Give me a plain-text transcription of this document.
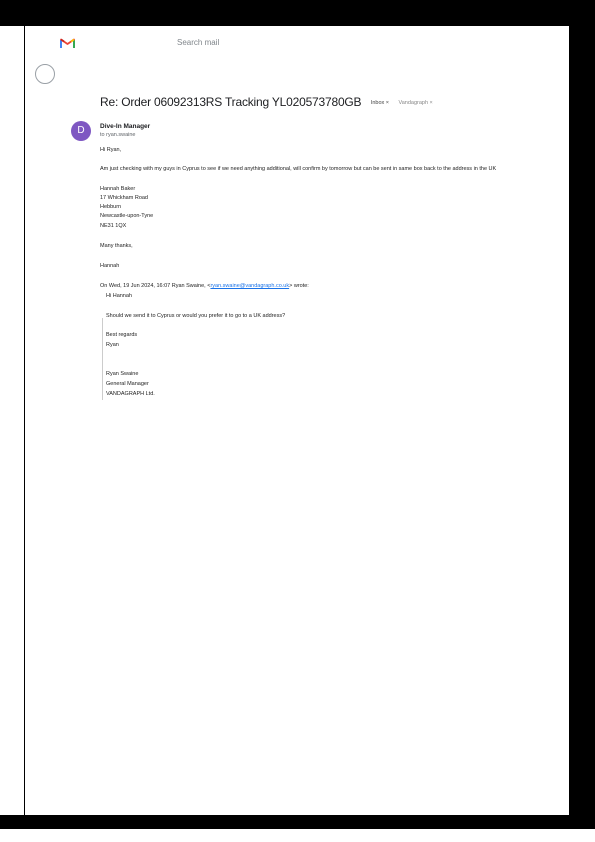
Search mail
Re: Order 06092313RS Tracking YL020573780GB Inbox × Vandagraph ×
D	Dive-In Manager
to ryan.swaine
Hi Ryan,
Am just checking with my guys in Cyprus to see if we need anything additional, will confirm by tomorrow but can be sent in same box back to the address in the UK
Hannah Baker
17 Whickham Road
Hebburn
Newcastle-upon-Tyne
NE31 1QX
Many thanks,
Hannah
On Wed, 19 Jun 2024, 16:07 Ryan Swaine, <ryan.swaine@vandagraph.co.uk> wrote:
Hi Hannah
Should we send it to Cyprus or would you prefer it to go to a UK address?
Best regards
Ryan
Ryan Swaine
General Manager
VANDAGRAPH Ltd.
